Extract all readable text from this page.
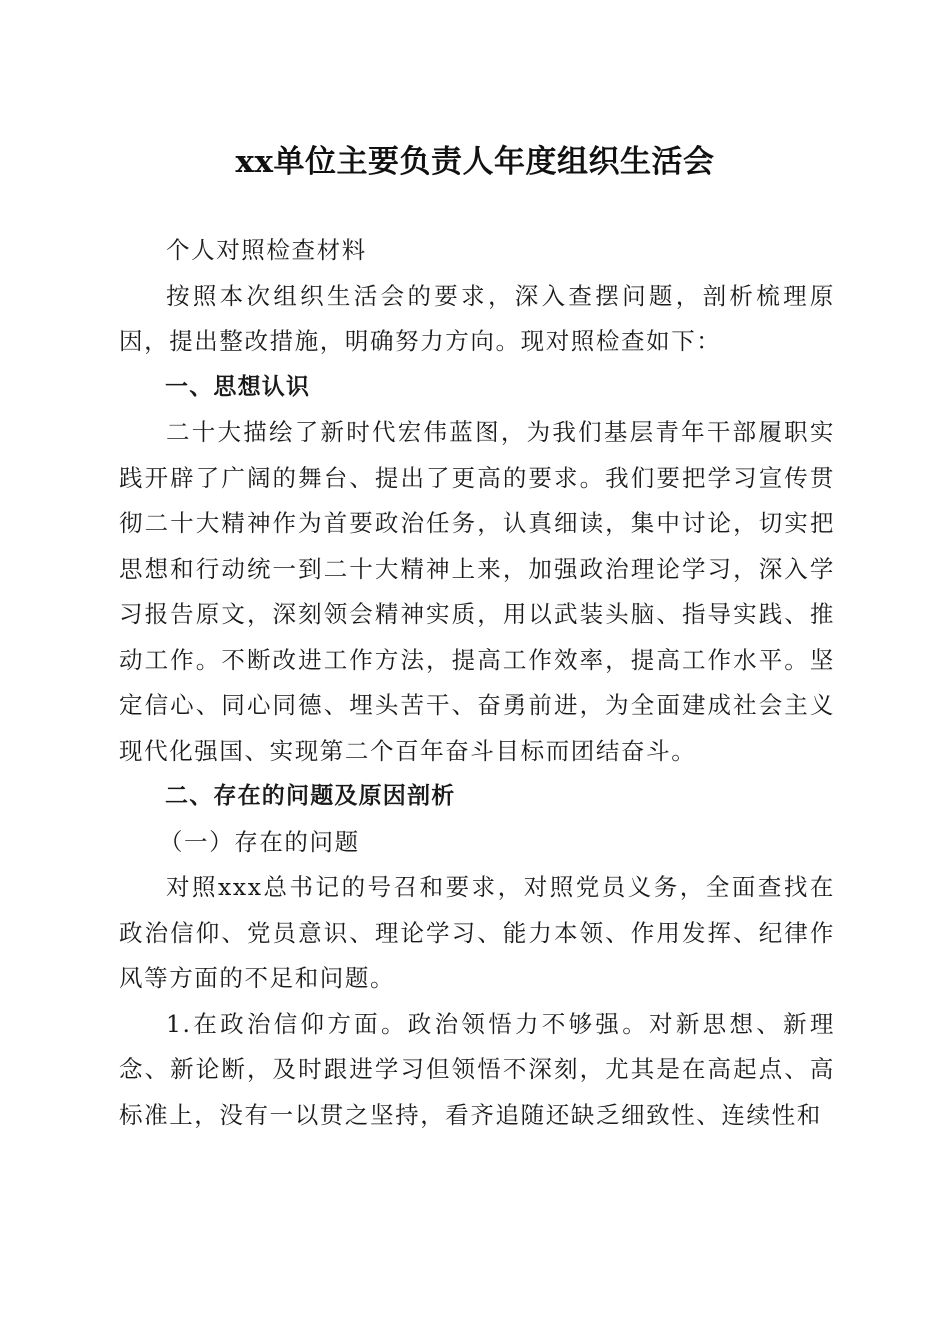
xx单位主要负责人年度组织生活会

个人对照检查材料

按照本次组织生活会的要求，深入查摆问题，剖析梳理原因，提出整改措施，明确努力方向。现对照检查如下：

一、思想认识

二十大描绘了新时代宏伟蓝图，为我们基层青年干部履职实践开辟了广阔的舞台、提出了更高的要求。我们要把学习宣传贯彻二十大精神作为首要政治任务，认真细读，集中讨论，切实把思想和行动统一到二十大精神上来，加强政治理论学习，深入学习报告原文，深刻领会精神实质，用以武装头脑、指导实践、推动工作。不断改进工作方法，提高工作效率，提高工作水平。坚定信心、同心同德、埋头苦干、奋勇前进，为全面建成社会主义现代化强国、实现第二个百年奋斗目标而团结奋斗。

二、存在的问题及原因剖析

（一）存在的问题

对照xxx总书记的号召和要求，对照党员义务，全面查找在政治信仰、党员意识、理论学习、能力本领、作用发挥、纪律作风等方面的不足和问题。

1.在政治信仰方面。政治领悟力不够强。对新思想、新理念、新论断，及时跟进学习但领悟不深刻，尤其是在高起点、高标准上，没有一以贯之坚持，看齐追随还缺乏细致性、连续性和
